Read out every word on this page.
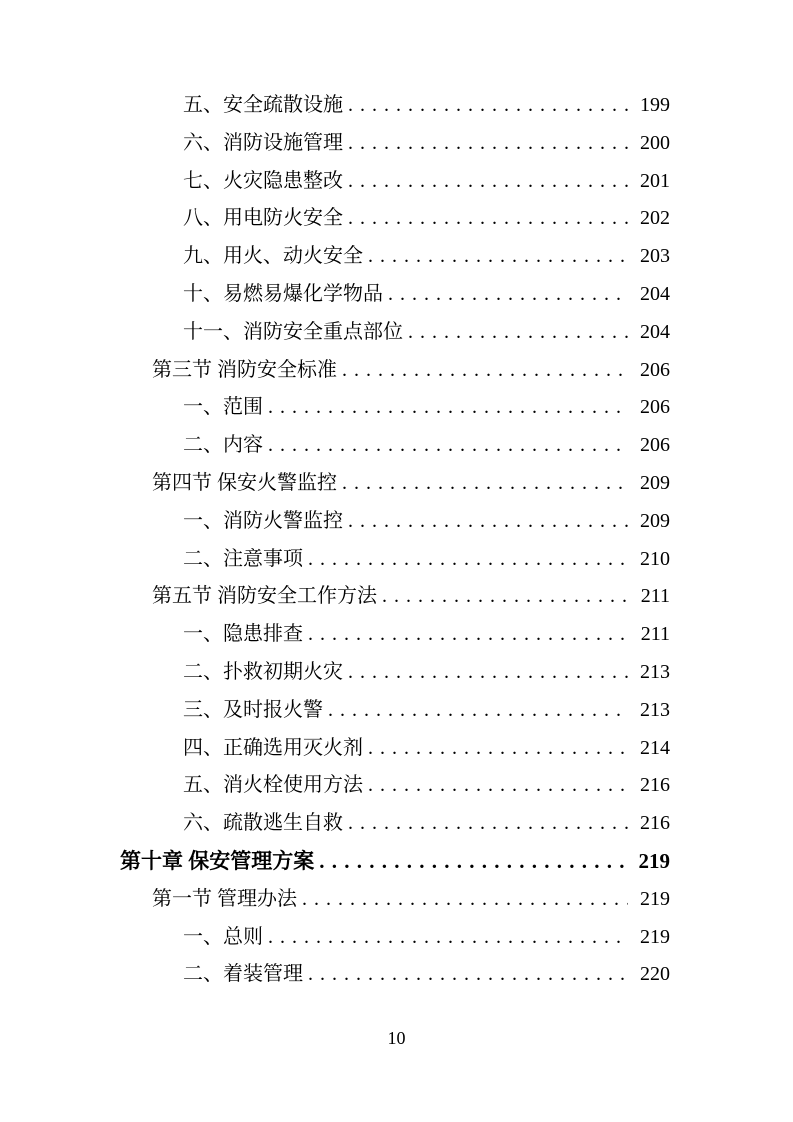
五、安全疏散设施 . . .	199
六、消防设施管理 . . .	200
七、火灾隐患整改 . . .	201
八、用电防火安全 . . .	202
九、用火、动火安全 . . .	203
十、易燃易爆化学物品 . . .	204
十一、消防安全重点部位 . . .	204
第三节 消防安全标准 . . .	206
一、范围 . . .	206
二、内容 . . .	206
第四节 保安火警监控 . . .	209
一、消防火警监控 . . .	209
二、注意事项 . . .	210
第五节 消防安全工作方法 . . .	211
一、隐患排查 . . .	211
二、扑救初期火灾 . . .	213
三、及时报火警 . . .	213
四、正确选用灭火剂 . . .	214
五、消火栓使用方法 . . .	216
六、疏散逃生自救 . . .	216
第十章 保安管理方案 . . .	219
第一节 管理办法 . . .	219
一、总则 . . .	219
二、着装管理 . . .	220
10
